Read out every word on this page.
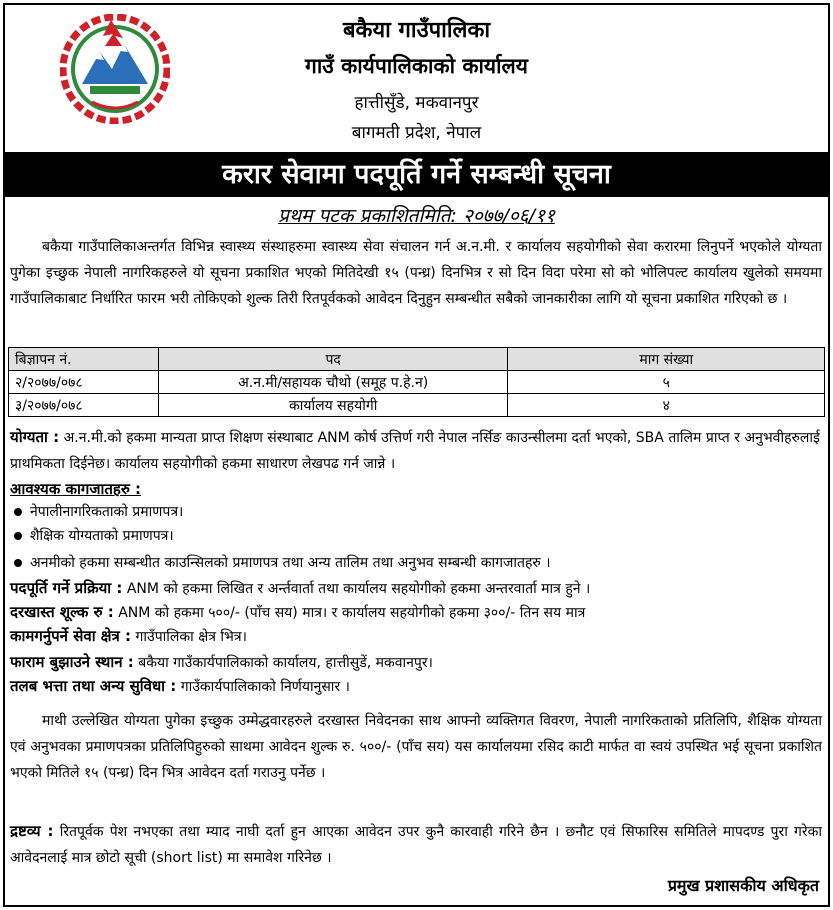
बकैया गाउँपालिका
गाउँ कार्यपालिकाको कार्यालय
हात्तीसुँडे, मकवानपुर
बागमती प्रदेश, नेपाल
करार सेवामा पदपूर्ति गर्ने सम्बन्धी सूचना
प्रथम पटक प्रकाशितमिति: २०७७/०६/११
बकैया गाउँपालिकाअन्तर्गत विभिन्न स्वास्थ्य संस्थाहरुमा स्वास्थ्य सेवा संचालन गर्न अ.न.मी. र कार्यालय सहयोगीको सेवा करारमा लिनुपर्ने भएकोले योग्यता पुगेका इच्छुक नेपाली नागरिकहरुले यो सूचना प्रकाशित भएको मितिदेखी १५ (पन्ध्र) दिनभित्र र सो दिन विदा परेमा सो को भोलिपल्ट कार्यालय खुलेको समयमा गाउँपालिकाबाट निर्धारित फारम भरी तोकिएको शुल्क तिरी रितपूर्वकको आवेदन दिनुहुन सम्बन्धीत सबैको जानकारीका लागि यो सूचना प्रकाशित गरिएको छ ।
बिज्ञापन नं.	पद	माग संख्या
२/२०७७/०७८	अ.न.मी/सहायक चौथो (समूह प.हे.न)	५
३/२०७७/०७८	कार्यालय सहयोगी	४
योग्यता : अ.न.मी.को हकमा मान्यता प्राप्त शिक्षण संस्थाबाट ANM कोर्ष उत्तिर्ण गरी नेपाल नर्सिङ काउन्सीलमा दर्ता भएको, SBA तालिम प्राप्त र अनुभवीहरुलाई प्राथमिकता दिईनेछ। कार्यालय सहयोगीको हकमा साधारण लेखपढ गर्न जान्ने ।
आवश्यक कागजातहरु :
नेपालीनागरिकताको प्रमाणपत्र।
शैक्षिक योग्यताको प्रमाणपत्र।
अनमीको हकमा सम्बन्धीत काउन्सिलको प्रमाणपत्र तथा अन्य तालिम तथा अनुभव सम्बन्धी कागजातहरु ।
पदपूर्ति गर्ने प्रक्रिया : ANM को हकमा लिखित र अर्न्तवार्ता तथा कार्यालय सहयोगीको हकमा अन्तरवार्ता मात्र हुने ।
दरखास्त शूल्क रु : ANM को हकमा ५००/- (पाँच सय) मात्र। र कार्यालय सहयोगीको हकमा ३००/- तिन सय मात्र
कामगर्नुपर्ने सेवा क्षेत्र : गाउँपालिका क्षेत्र भित्र।
फाराम बुझाउने स्थान : बकैया गाउँकार्यपालिकाको कार्यालय, हात्तीसुडें, मकवानपुर।
तलब भत्ता तथा अन्य सुविधा : गाउँकार्यपालिकाको निर्णयानुसार ।
माथी उल्लेखित योग्यता पुगेका इच्छुक उम्मेद्धवारहरुले दरखास्त निवेदनका साथ आफ्नो व्यक्तिगत विवरण, नेपाली नागरिकताको प्रतिलिपि, शैक्षिक योग्यता एवं अनुभवका प्रमाणपत्रका प्रतिलिपिहुरुको साथमा आवेदन शुल्क रु. ५००/- (पाँच सय) यस कार्यालयमा रसिद काटी मार्फत वा स्वयं उपस्थित भई सूचना प्रकाशित भएको मितिले १५ (पन्ध्र) दिन भित्र आवेदन दर्ता गराउनु पर्नेछ ।
द्रष्टव्य : रितपूर्वक पेश नभएका तथा म्याद नाघी दर्ता हुन आएका आवेदन उपर कुनै कारवाही गरिने छैन । छनौट एवं सिफारिस समितिले मापदण्ड पुरा गरेका आवेदनलाई मात्र छोटो सूची (short list) मा समावेश गरिनेछ ।
प्रमुख प्रशासकीय अधिकृत
